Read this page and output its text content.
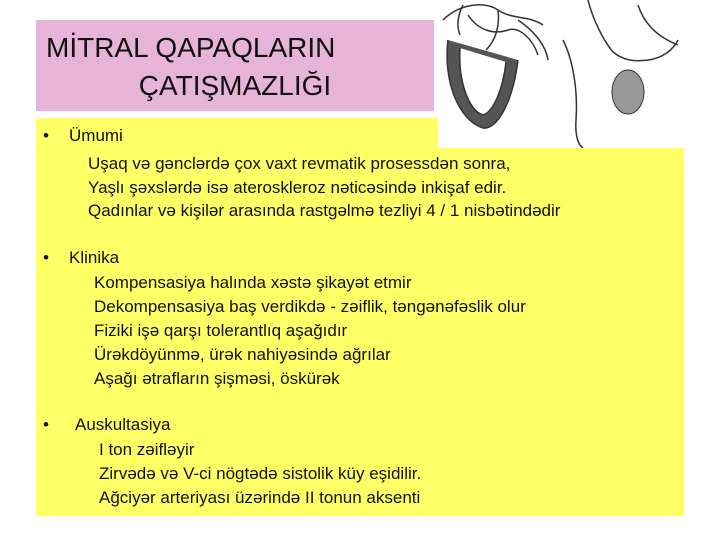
MİTRAL QAPAQLARIN
ÇATIŞMAZLIĞI
• Ümumi
Uşaq və gənclərdə çox vaxt revmatik prosessdən sonra,
Yaşlı şəxslərdə isə ateroskleroz nəticəsində inkişaf edir.
Qadınlar və kişilər arasında rastgəlmə tezliyi 4 / 1 nisbətindədir
• Klinika
Kompensasiya halında xəstə şikayət etmir
Dekompensasiya baş verdikdə - zəiflik, təngənəfəslik olur
Fiziki işə qarşı tolerantlıq aşağıdır
Ürəkdöyünmə, ürək nahiyəsində ağrılar
Aşağı ətrafların şişməsi, öskürək
• Auskultasiya
I ton zəifləyir
Zirvədə və V-ci nögtədə sistolik küy eşidilir.
Ağciyər arteriyası üzərində II tonun aksenti
